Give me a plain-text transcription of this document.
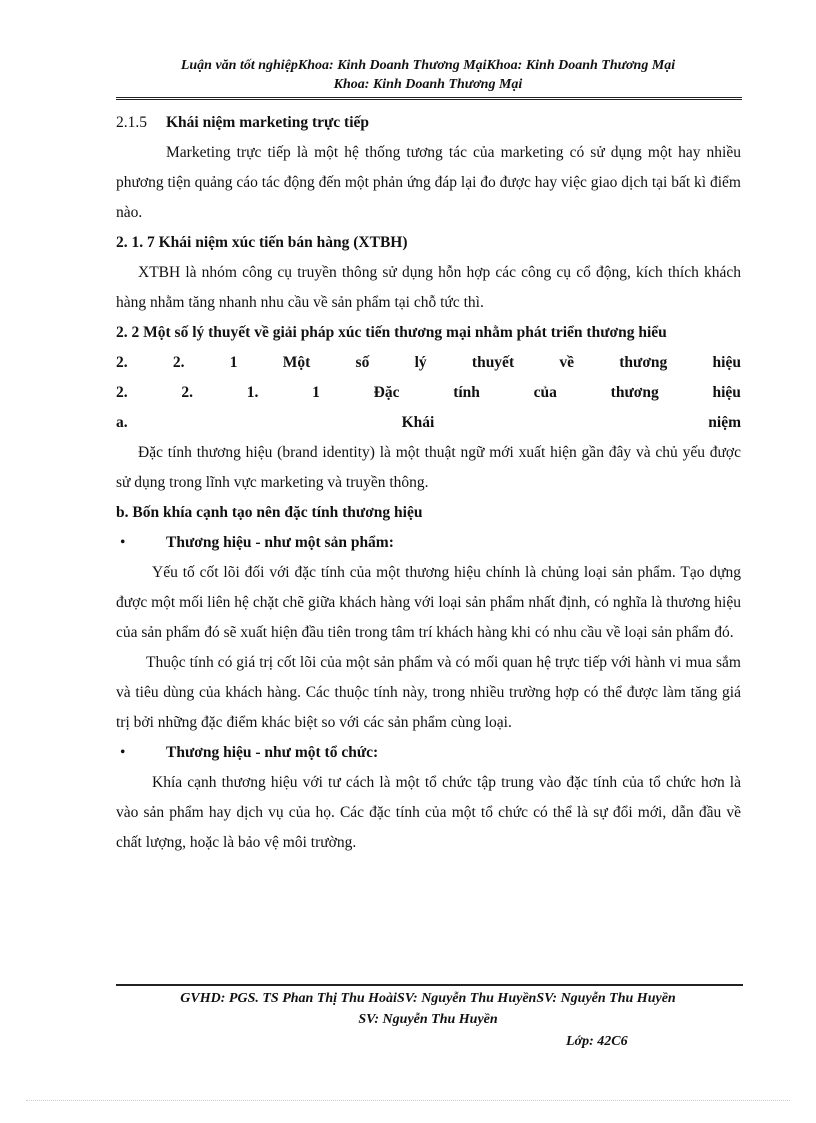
Luận văn tốt nghiệpKhoa: Kinh Doanh Thương MạiKhoa: Kinh Doanh Thương Mại
Khoa: Kinh Doanh Thương Mại
2.1.5 Khái niệm marketing trực tiếp

Marketing trực tiếp là một hệ thống tương tác của marketing có sử dụng một hay nhiều phương tiện quảng cáo tác động đến một phản ứng đáp lại đo được hay việc giao dịch tại bất kì điểm nào.

2. 1. 7 Khái niệm xúc tiến bán hàng (XTBH)

XTBH là nhóm công cụ truyền thông sử dụng hỗn hợp các công cụ cổ động, kích thích khách hàng nhằm tăng nhanh nhu cầu về sản phẩm tại chỗ tức thì.

2. 2 Một số lý thuyết về giải pháp xúc tiến thương mại nhằm phát triển thương hiểu

2.	2.	1	Một	số	lý	thuyết	về	thương	hiệu
2.	2.	1.	1	Đặc	tính	của	thương	hiệu
a.	Khái	niệm

Đặc tính thương hiệu (brand identity) là một thuật ngữ mới xuất hiện gần đây và chủ yếu được sử dụng trong lĩnh vực marketing và truyền thông.

b. Bốn khía cạnh tạo nên đặc tính thương hiệu
•	Thương hiệu - như một sản phẩm:

Yếu tố cốt lõi đối với đặc tính của một thương hiệu chính là chủng loại sản phẩm. Tạo dựng được một mối liên hệ chặt chẽ giữa khách hàng với loại sản phẩm nhất định, có nghĩa là thương hiệu của sản phẩm đó sẽ xuất hiện đầu tiên trong tâm trí khách hàng khi có nhu cầu về loại sản phẩm đó.

Thuộc tính có giá trị cốt lõi của một sản phẩm và có mối quan hệ trực tiếp với hành vi mua sắm và tiêu dùng của khách hàng. Các thuộc tính này, trong nhiều trường hợp có thể được làm tăng giá trị bởi những đặc điểm khác biệt so với các sản phẩm cùng loại.

•	Thương hiệu - như một tổ chức:

Khía cạnh thương hiệu với tư cách là một tổ chức tập trung vào đặc tính của tổ chức hơn là vào sản phẩm hay dịch vụ của họ. Các đặc tính của một tổ chức có thể là sự đổi mới, dẫn đầu về chất lượng, hoặc là bảo vệ môi trường.

GVHD: PGS. TS Phan Thị Thu HoàiSV: Nguyễn Thu HuyềnSV: Nguyễn Thu Huyền
SV: Nguyễn Thu Huyền
Lớp: 42C6
